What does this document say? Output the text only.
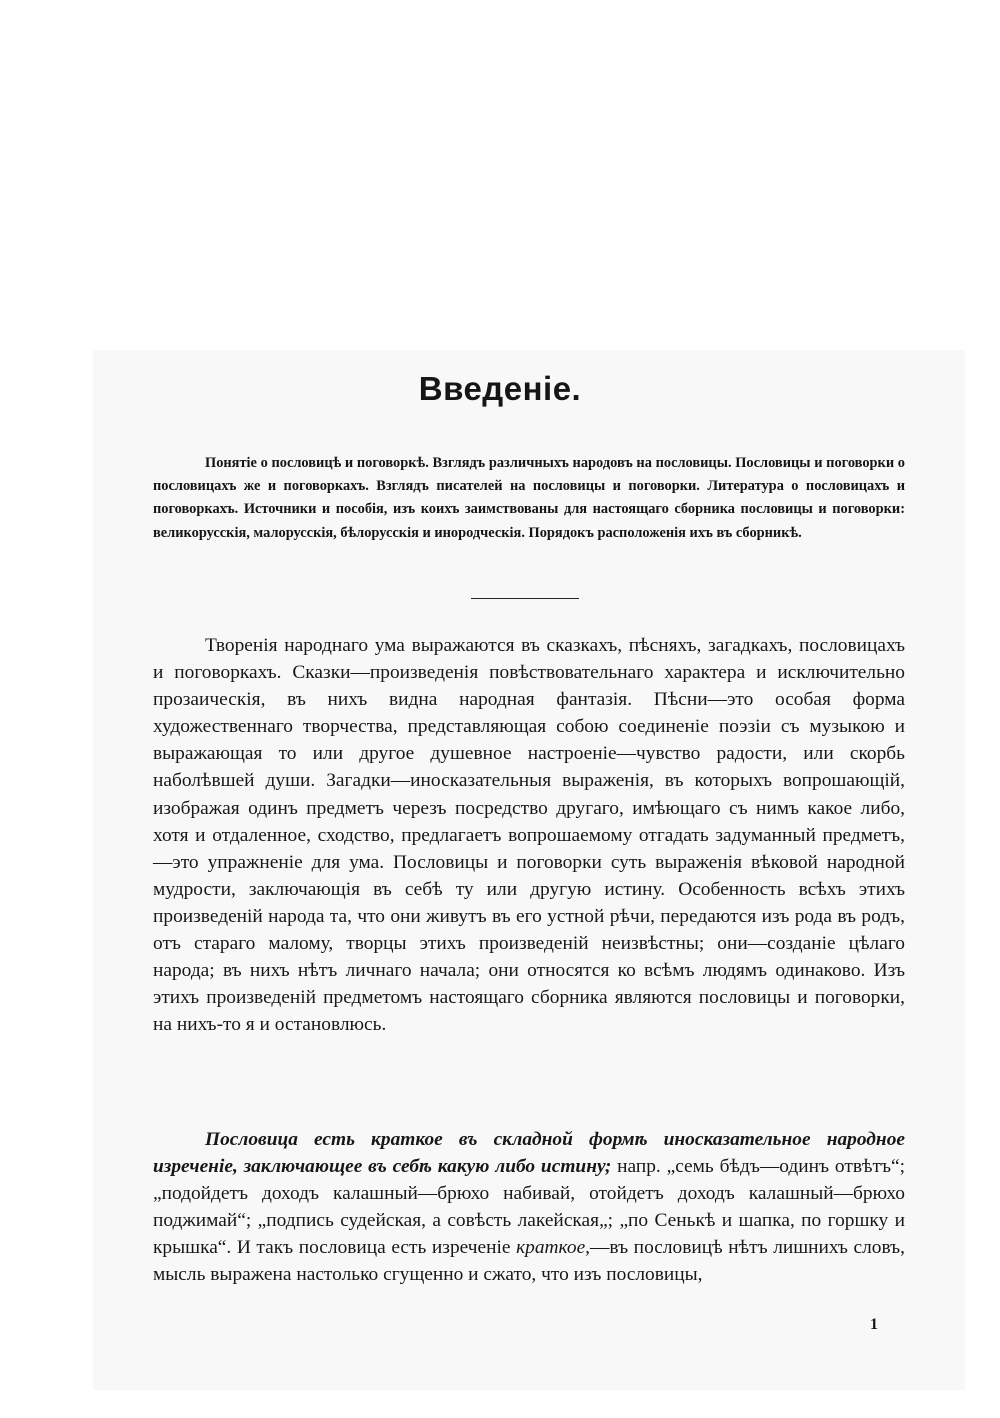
Введеніе.
Понятіе о пословицѣ и поговоркѣ. Взглядъ различныхъ народовъ на пословицы. Пословицы и поговорки о пословицахъ же и поговоркахъ. Взглядъ писателей на пословицы и поговорки. Литература о пословицахъ и поговоркахъ. Источники и пособія, изъ коихъ заимствованы для настоящаго сборника пословицы и поговорки: великорусскія, малорусскія, бѣлорусскія и инородческія. Порядокъ расположенія ихъ въ сборникѣ.

Творенія народнаго ума выражаются въ сказкахъ, пѣсняхъ, загадкахъ, пословицахъ и поговоркахъ. Сказки—произведенія повѣствовательнаго характера и исключительно прозаическія, въ нихъ видна народная фантазія. Пѣсни—это особая форма художественнаго творчества, представляющая собою соединеніе поэзіи съ музыкою и выражающая то или другое душевное настроеніе—чувство радости, или скорбь наболѣвшей души. Загадки—иносказательныя выраженія, въ которыхъ вопрошающій, изображая одинъ предметъ черезъ посредство другаго, имѣющаго съ нимъ какое либо, хотя и отдаленное, сходство, предлагаетъ вопрошаемому отгадать задуманный предметъ,—это упражненіе для ума. Пословицы и поговорки суть выраженія вѣковой народной мудрости, заключающія въ себѣ ту или другую истину. Особенность всѣхъ этихъ произведеній народа та, что они живутъ въ его устной рѣчи, передаются изъ рода въ родъ, отъ стараго малому, творцы этихъ произведеній неизвѣстны; они—созданіе цѣлаго народа; въ нихъ нѣтъ личнаго начала; они относятся ко всѣмъ людямъ одинаково. Изъ этихъ произведеній предметомъ настоящаго сборника являются пословицы и поговорки, на нихъ-то я и остановлюсь.

Пословица есть краткое въ складной формѣ иносказательное народное изреченіе, заключающее въ себѣ какую либо истину; напр. „семь бѣдъ—одинъ отвѣтъ“; „подойдетъ доходъ калашный—брюхо набивай, отойдетъ доходъ калашный—брюхо поджимай“; „подпись судейская, а совѣсть лакейская„; „по Сенькѣ и шапка, по горшку и крышка“. И такъ пословица есть изреченіе краткое,—въ пословицѣ нѣтъ лишнихъ словъ, мысль выражена настолько сгущенно и сжато, что изъ пословицы,

1
